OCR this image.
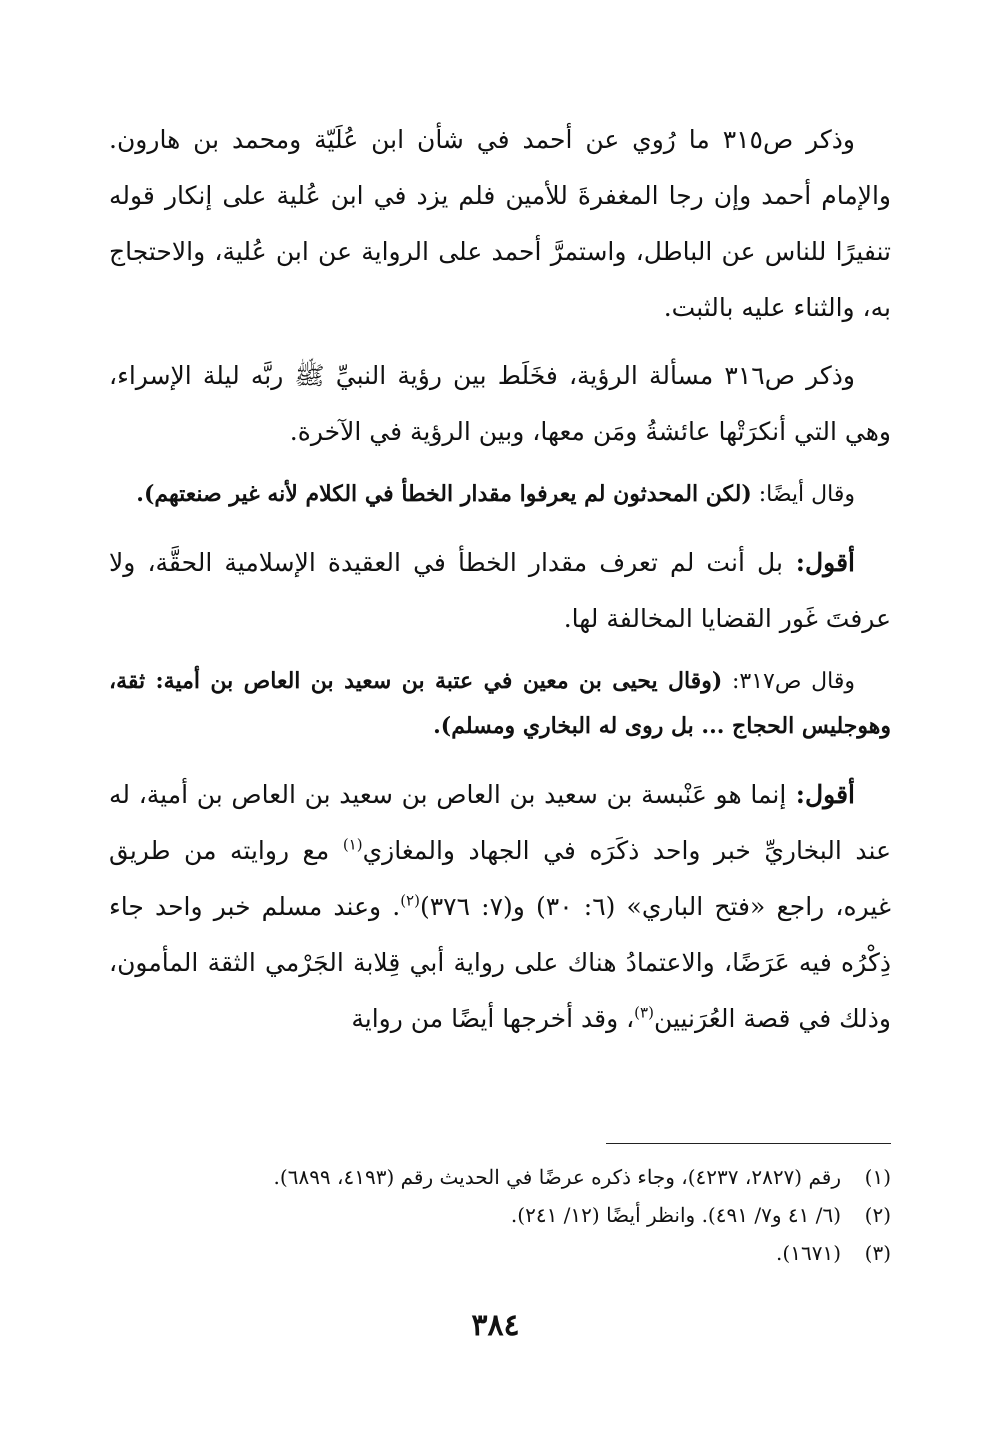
وذكر ص٣١٥ ما رُوي عن أحمد في شأن ابن عُلَيّة ومحمد بن هارون. والإمام أحمد وإن رجا المغفرةَ للأمين فلم يزد في ابن عُلية على إنكار قوله تنفيرًا للناس عن الباطل، واستمرَّ أحمد على الرواية عن ابن عُلية، والاحتجاج به، والثناء عليه بالثبت.

وذكر ص٣١٦ مسألة الرؤية، فخَلَط بين رؤية النبيِّ ﷺ ربَّه ليلة الإسراء، وهي التي أنكرَتْها عائشةُ ومَن معها، وبين الرؤية في الآخرة.

وقال أيضًا: (لكن المحدثون لم يعرفوا مقدار الخطأ في الكلام لأنه غير صنعتهم).

أقول: بل أنت لم تعرف مقدار الخطأ في العقيدة الإسلامية الحقَّة، ولا عرفتَ غَور القضايا المخالفة لها.

وقال ص٣١٧: (وقال يحيى بن معين في عتبة بن سعيد بن العاص بن أمية: ثقة، وهوجليس الحجاج ... بل روى له البخاري ومسلم).

أقول: إنما هو عَنْبسة بن سعيد بن العاص بن سعيد بن العاص بن أمية، له عند البخاريِّ خبر واحد ذكَرَه في الجهاد والمغازي$^{(١)}$ مع روايته من طريق غيره، راجع «فتح الباري» (٦: ٣٠) و(٧: ٣٧٦)$^{(٢)}$. وعند مسلم خبر واحد جاء ذِكْرُه فيه عَرَضًا، والاعتمادُ هناك على رواية أبي قِلابة الجَرْمي الثقة المأمون، وذلك في قصة العُرَنيين$^{(٣)}$، وقد أخرجها أيضًا من رواية

(١)
رقم (٢٨٢٧، ٤٢٣٧)، وجاء ذكره عرضًا في الحديث رقم (٤١٩٣، ٦٨٩٩).
(٢)
(٦/ ٤١ و٧/ ٤٩١). وانظر أيضًا (١٢/ ٢٤١).
(٣)
(١٦٧١).
٣٨٤
